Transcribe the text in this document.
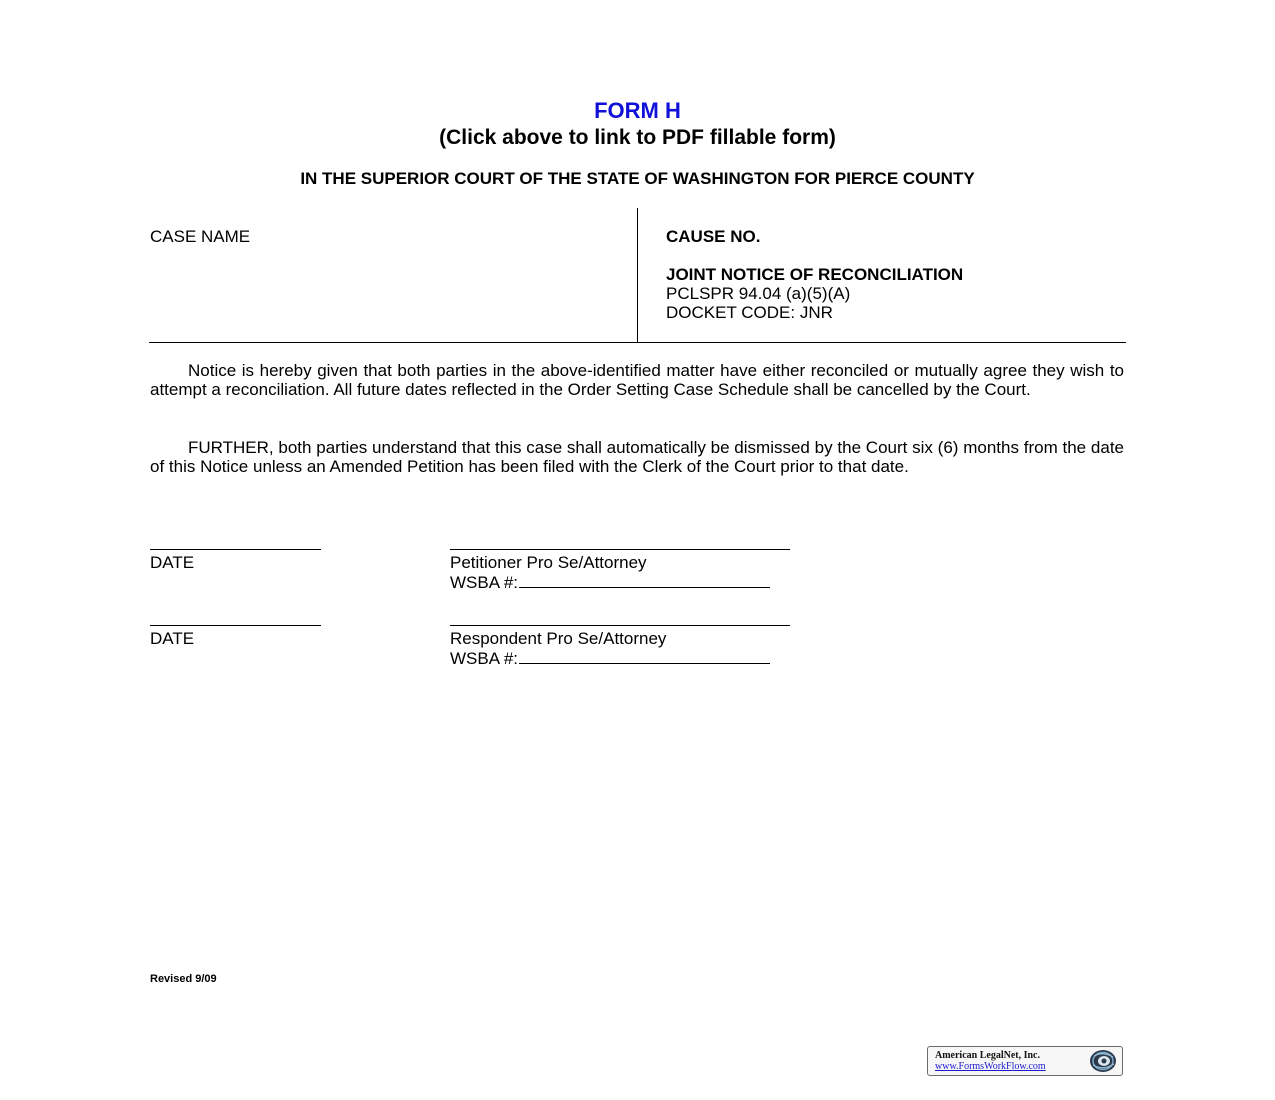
FORM H
(Click above to link to PDF fillable form)
IN THE SUPERIOR COURT OF THE STATE OF WASHINGTON FOR PIERCE COUNTY
CASE NAME	CAUSE NO.
JOINT NOTICE OF RECONCILIATION
PCLSPR 94.04 (a)(5)(A)
DOCKET CODE: JNR

Notice is hereby given that both parties in the above-identified matter have either reconciled or mutually agree they wish to attempt a reconciliation. All future dates reflected in the Order Setting Case Schedule shall be cancelled by the Court.

FURTHER, both parties understand that this case shall automatically be dismissed by the Court six (6) months from the date of this Notice unless an Amended Petition has been filed with the Clerk of the Court prior to that date.

DATE	Petitioner Pro Se/Attorney
WSBA #:
DATE	Respondent Pro Se/Attorney
WSBA #:
Revised 9/09
American LegalNet, Inc.
www.FormsWorkFlow.com
